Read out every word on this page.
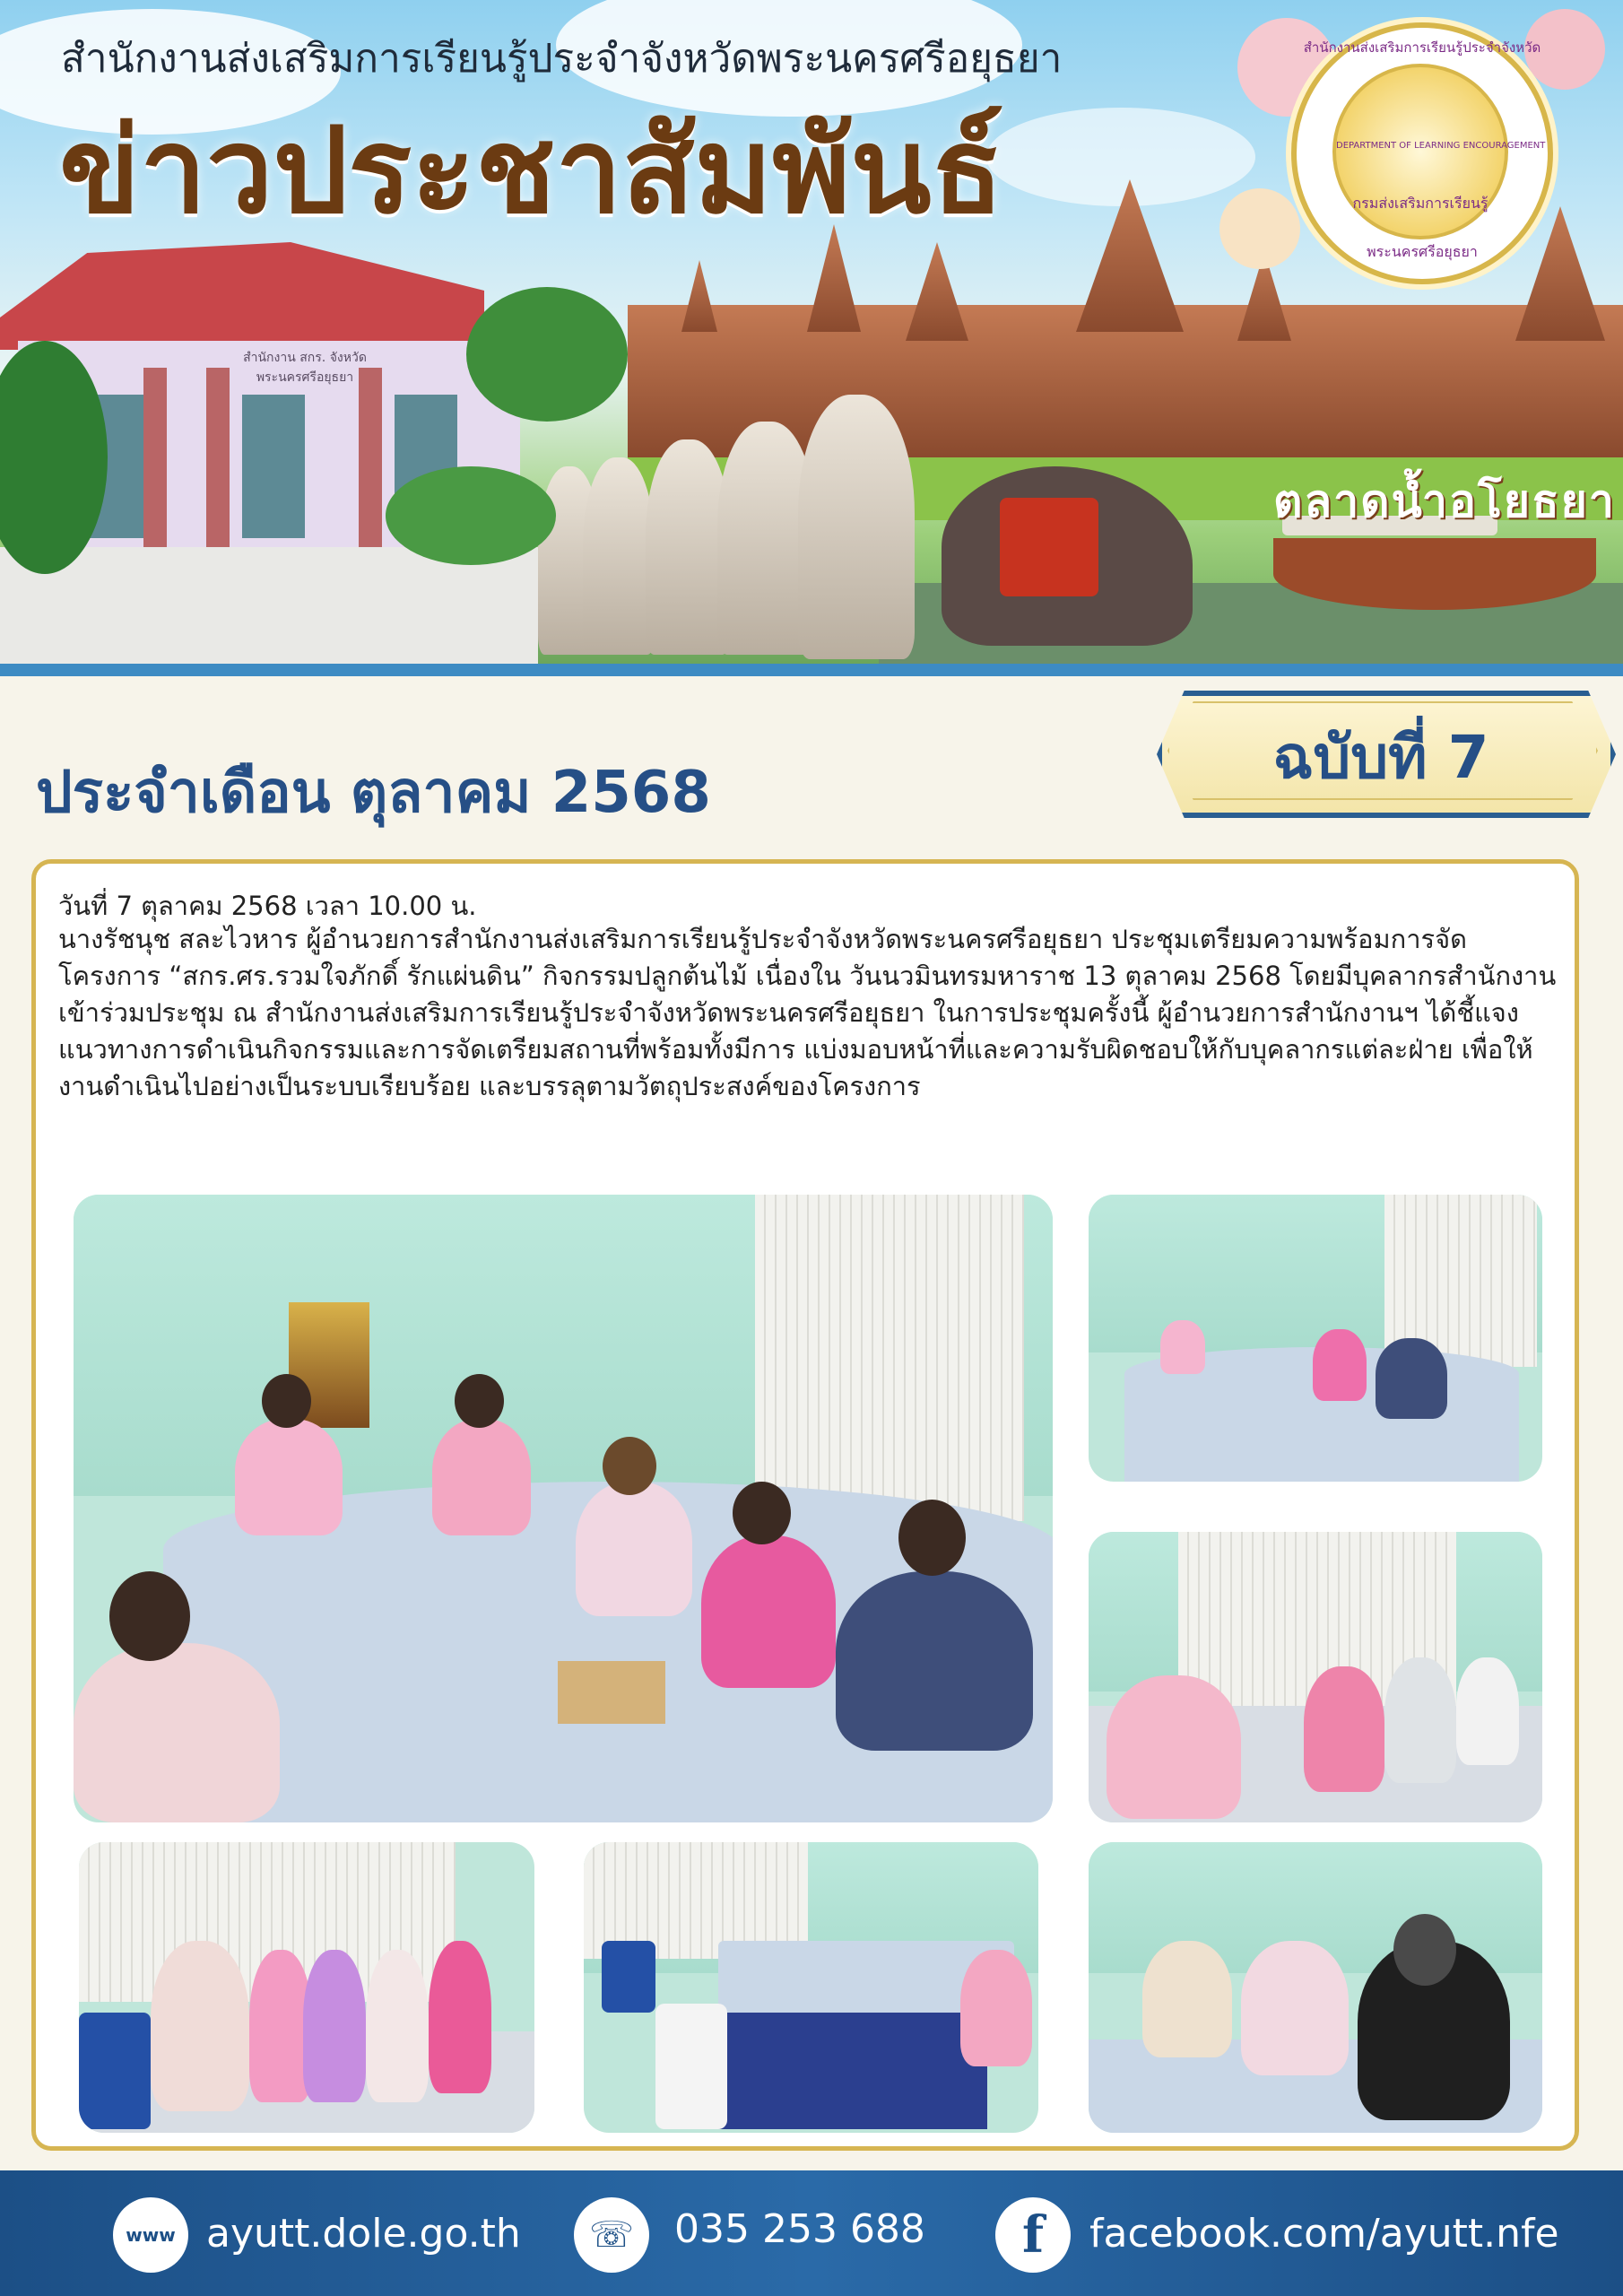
ตลาดน้ำอโยธยา
สำนักงาน สกร. จังหวัดพระนครศรีอยุธยา
สำนักงานส่งเสริมการเรียนรู้ประจำจังหวัดพระนครศรีอยุธยา
ข่าวประชาสัมพันธ์
สำนักงานส่งเสริมการเรียนรู้ประจำจังหวัด
DEPARTMENT OF LEARNING ENCOURAGEMENT
กรมส่งเสริมการเรียนรู้
พระนครศรีอยุธยา
ประจำเดือน ตุลาคม 2568
ฉบับที่ 7
วันที่ 7 ตุลาคม 2568 เวลา 10.00 น.
นางรัชนุช สละไวหาร ผู้อำนวยการสำนักงานส่งเสริมการเรียนรู้ประจำจังหวัดพระนครศรีอยุธยา ประชุมเตรียมความพร้อมการจัดโครงการ “สกร.ศร.รวมใจภักดิ์ รักแผ่นดิน” กิจกรรมปลูกต้นไม้ เนื่องใน วันนวมินทรมหาราช 13 ตุลาคม 2568 โดยมีบุคลากรสำนักงานเข้าร่วมประชุม ณ สำนักงานส่งเสริมการเรียนรู้ประจำจังหวัดพระนครศรีอยุธยา ในการประชุมครั้งนี้ ผู้อำนวยการสำนักงานฯ ได้ชี้แจงแนวทางการดำเนินกิจกรรมและการจัดเตรียมสถานที่พร้อมทั้งมีการ แบ่งมอบหน้าที่และความรับผิดชอบให้กับบุคลากรแต่ละฝ่าย เพื่อให้งานดำเนินไปอย่างเป็นระบบเรียบร้อย และบรรลุตามวัตถุประสงค์ของโครงการ
www ayutt.dole.go.th	☏	035 253 688	f	facebook.com/ayutt.nfe
